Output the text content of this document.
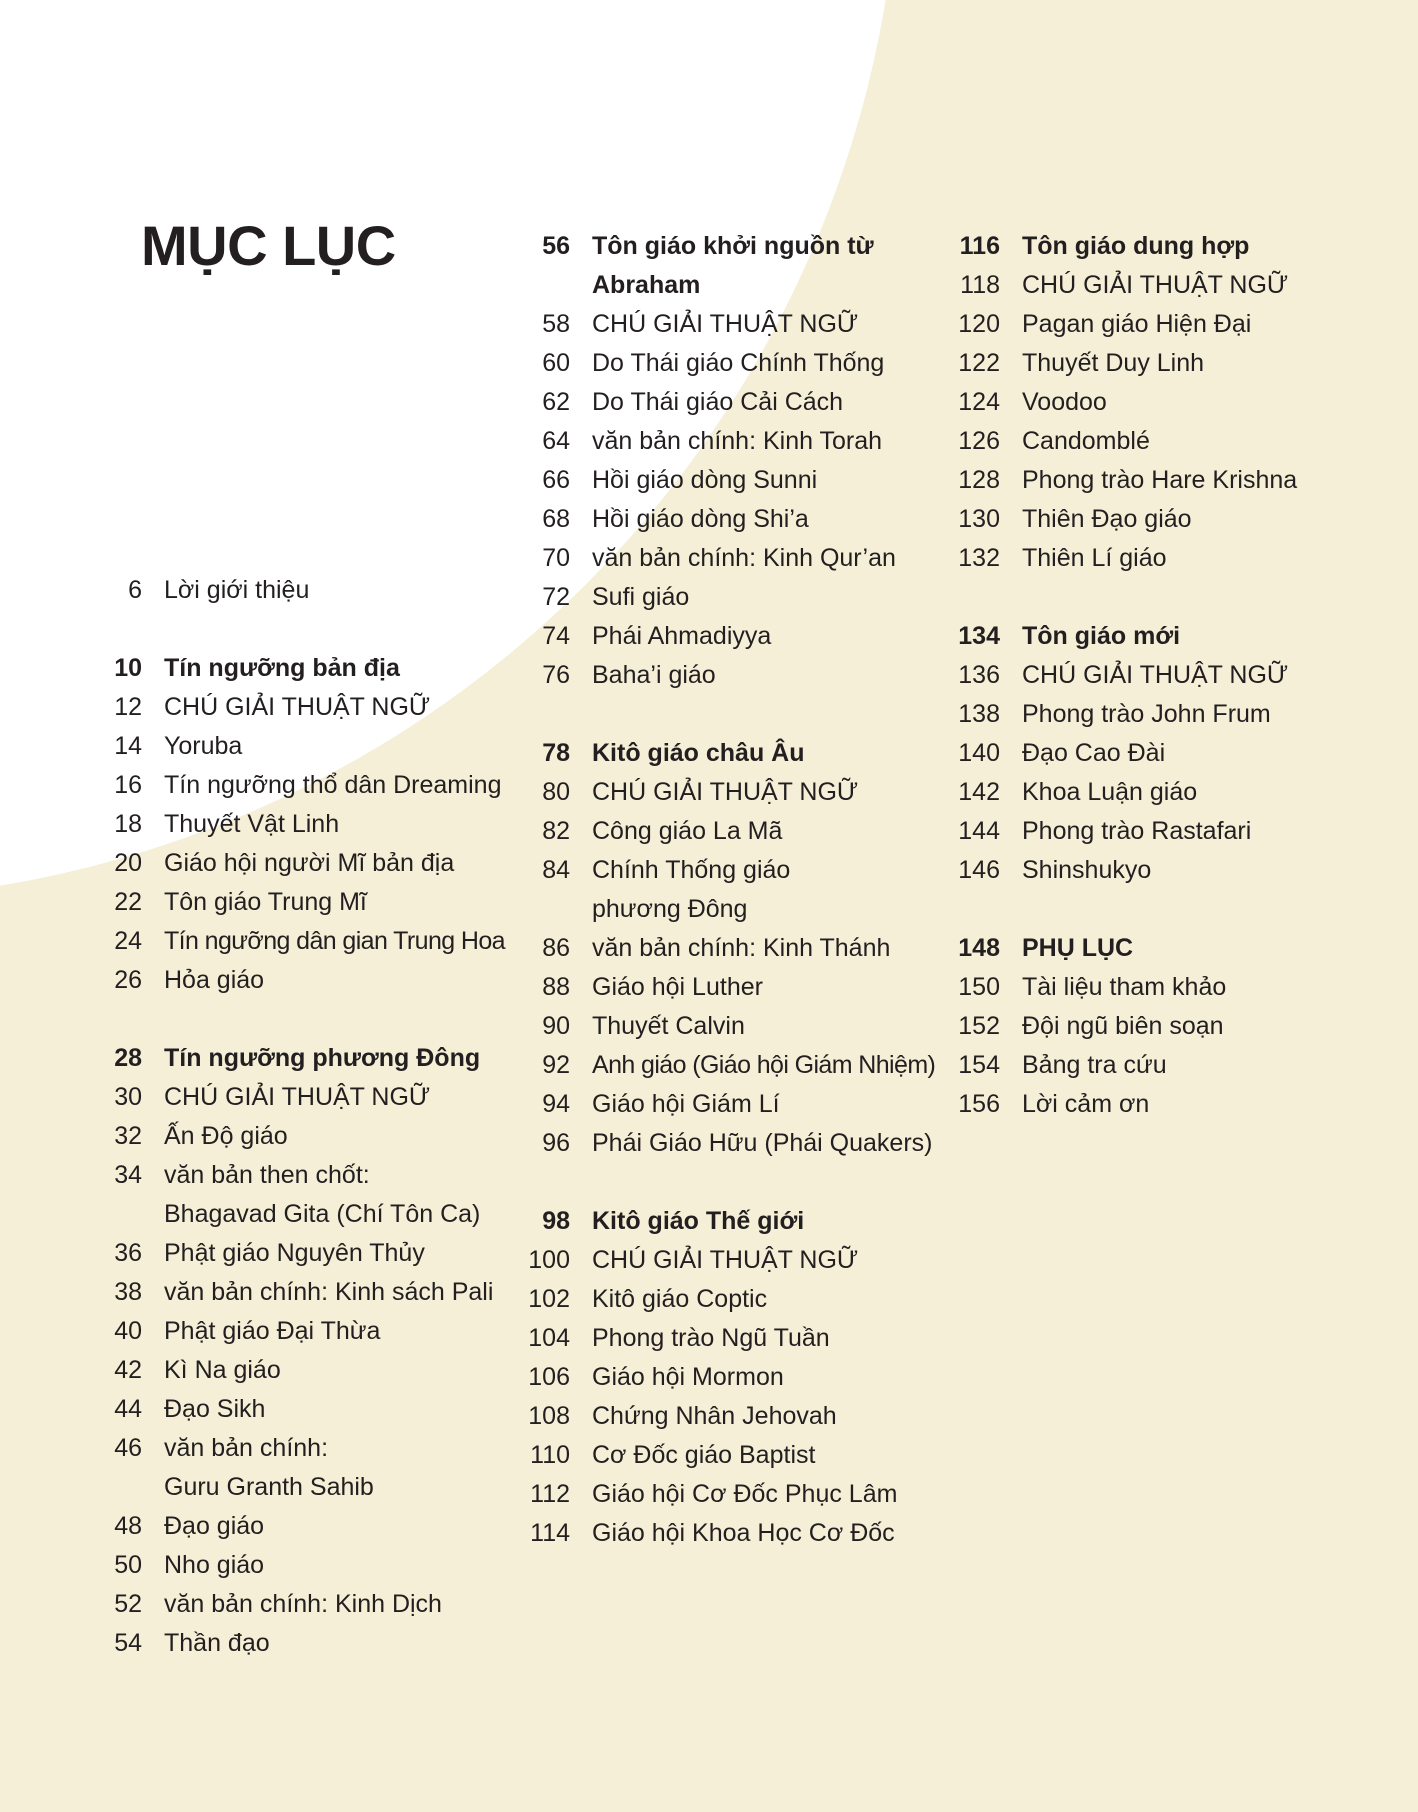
MỤC LỤC
6 Lời giới thiệu
10 Tín ngưỡng bản địa
12 CHÚ GIẢI THUẬT NGỮ
14 Yoruba
16 Tín ngưỡng thổ dân Dreaming
18 Thuyết Vật Linh
20 Giáo hội người Mĩ bản địa
22 Tôn giáo Trung Mĩ
24 Tín ngưỡng dân gian Trung Hoa
26 Hỏa giáo
28 Tín ngưỡng phương Đông
30 CHÚ GIẢI THUẬT NGỮ
32 Ấn Độ giáo
34 văn bản then chốt:
Bhagavad Gita (Chí Tôn Ca)
36 Phật giáo Nguyên Thủy
38 văn bản chính: Kinh sách Pali
40 Phật giáo Đại Thừa
42 Kì Na giáo
44 Đạo Sikh
46 văn bản chính:
Guru Granth Sahib
48 Đạo giáo
50 Nho giáo
52 văn bản chính: Kinh Dịch
54 Thần đạo
56 Tôn giáo khởi nguồn từ
Abraham
58 CHÚ GIẢI THUẬT NGỮ
60 Do Thái giáo Chính Thống
62 Do Thái giáo Cải Cách
64 văn bản chính: Kinh Torah
66 Hồi giáo dòng Sunni
68 Hồi giáo dòng Shi’a
70 văn bản chính: Kinh Qur’an
72 Sufi giáo
74 Phái Ahmadiyya
76 Baha’i giáo
78 Kitô giáo châu Âu
80 CHÚ GIẢI THUẬT NGỮ
82 Công giáo La Mã
84 Chính Thống giáo
phương Đông
86 văn bản chính: Kinh Thánh
88 Giáo hội Luther
90 Thuyết Calvin
92 Anh giáo (Giáo hội Giám Nhiệm)
94 Giáo hội Giám Lí
96 Phái Giáo Hữu (Phái Quakers)
98 Kitô giáo Thế giới
100 CHÚ GIẢI THUẬT NGỮ
102 Kitô giáo Coptic
104 Phong trào Ngũ Tuần
106 Giáo hội Mormon
108 Chứng Nhân Jehovah
110 Cơ Đốc giáo Baptist
112 Giáo hội Cơ Đốc Phục Lâm
114 Giáo hội Khoa Học Cơ Đốc
116 Tôn giáo dung hợp
118 CHÚ GIẢI THUẬT NGỮ
120 Pagan giáo Hiện Đại
122 Thuyết Duy Linh
124 Voodoo
126 Candomblé
128 Phong trào Hare Krishna
130 Thiên Đạo giáo
132 Thiên Lí giáo
134 Tôn giáo mới
136 CHÚ GIẢI THUẬT NGỮ
138 Phong trào John Frum
140 Đạo Cao Đài
142 Khoa Luận giáo
144 Phong trào Rastafari
146 Shinshukyo
148 PHỤ LỤC
150 Tài liệu tham khảo
152 Đội ngũ biên soạn
154 Bảng tra cứu
156 Lời cảm ơn
